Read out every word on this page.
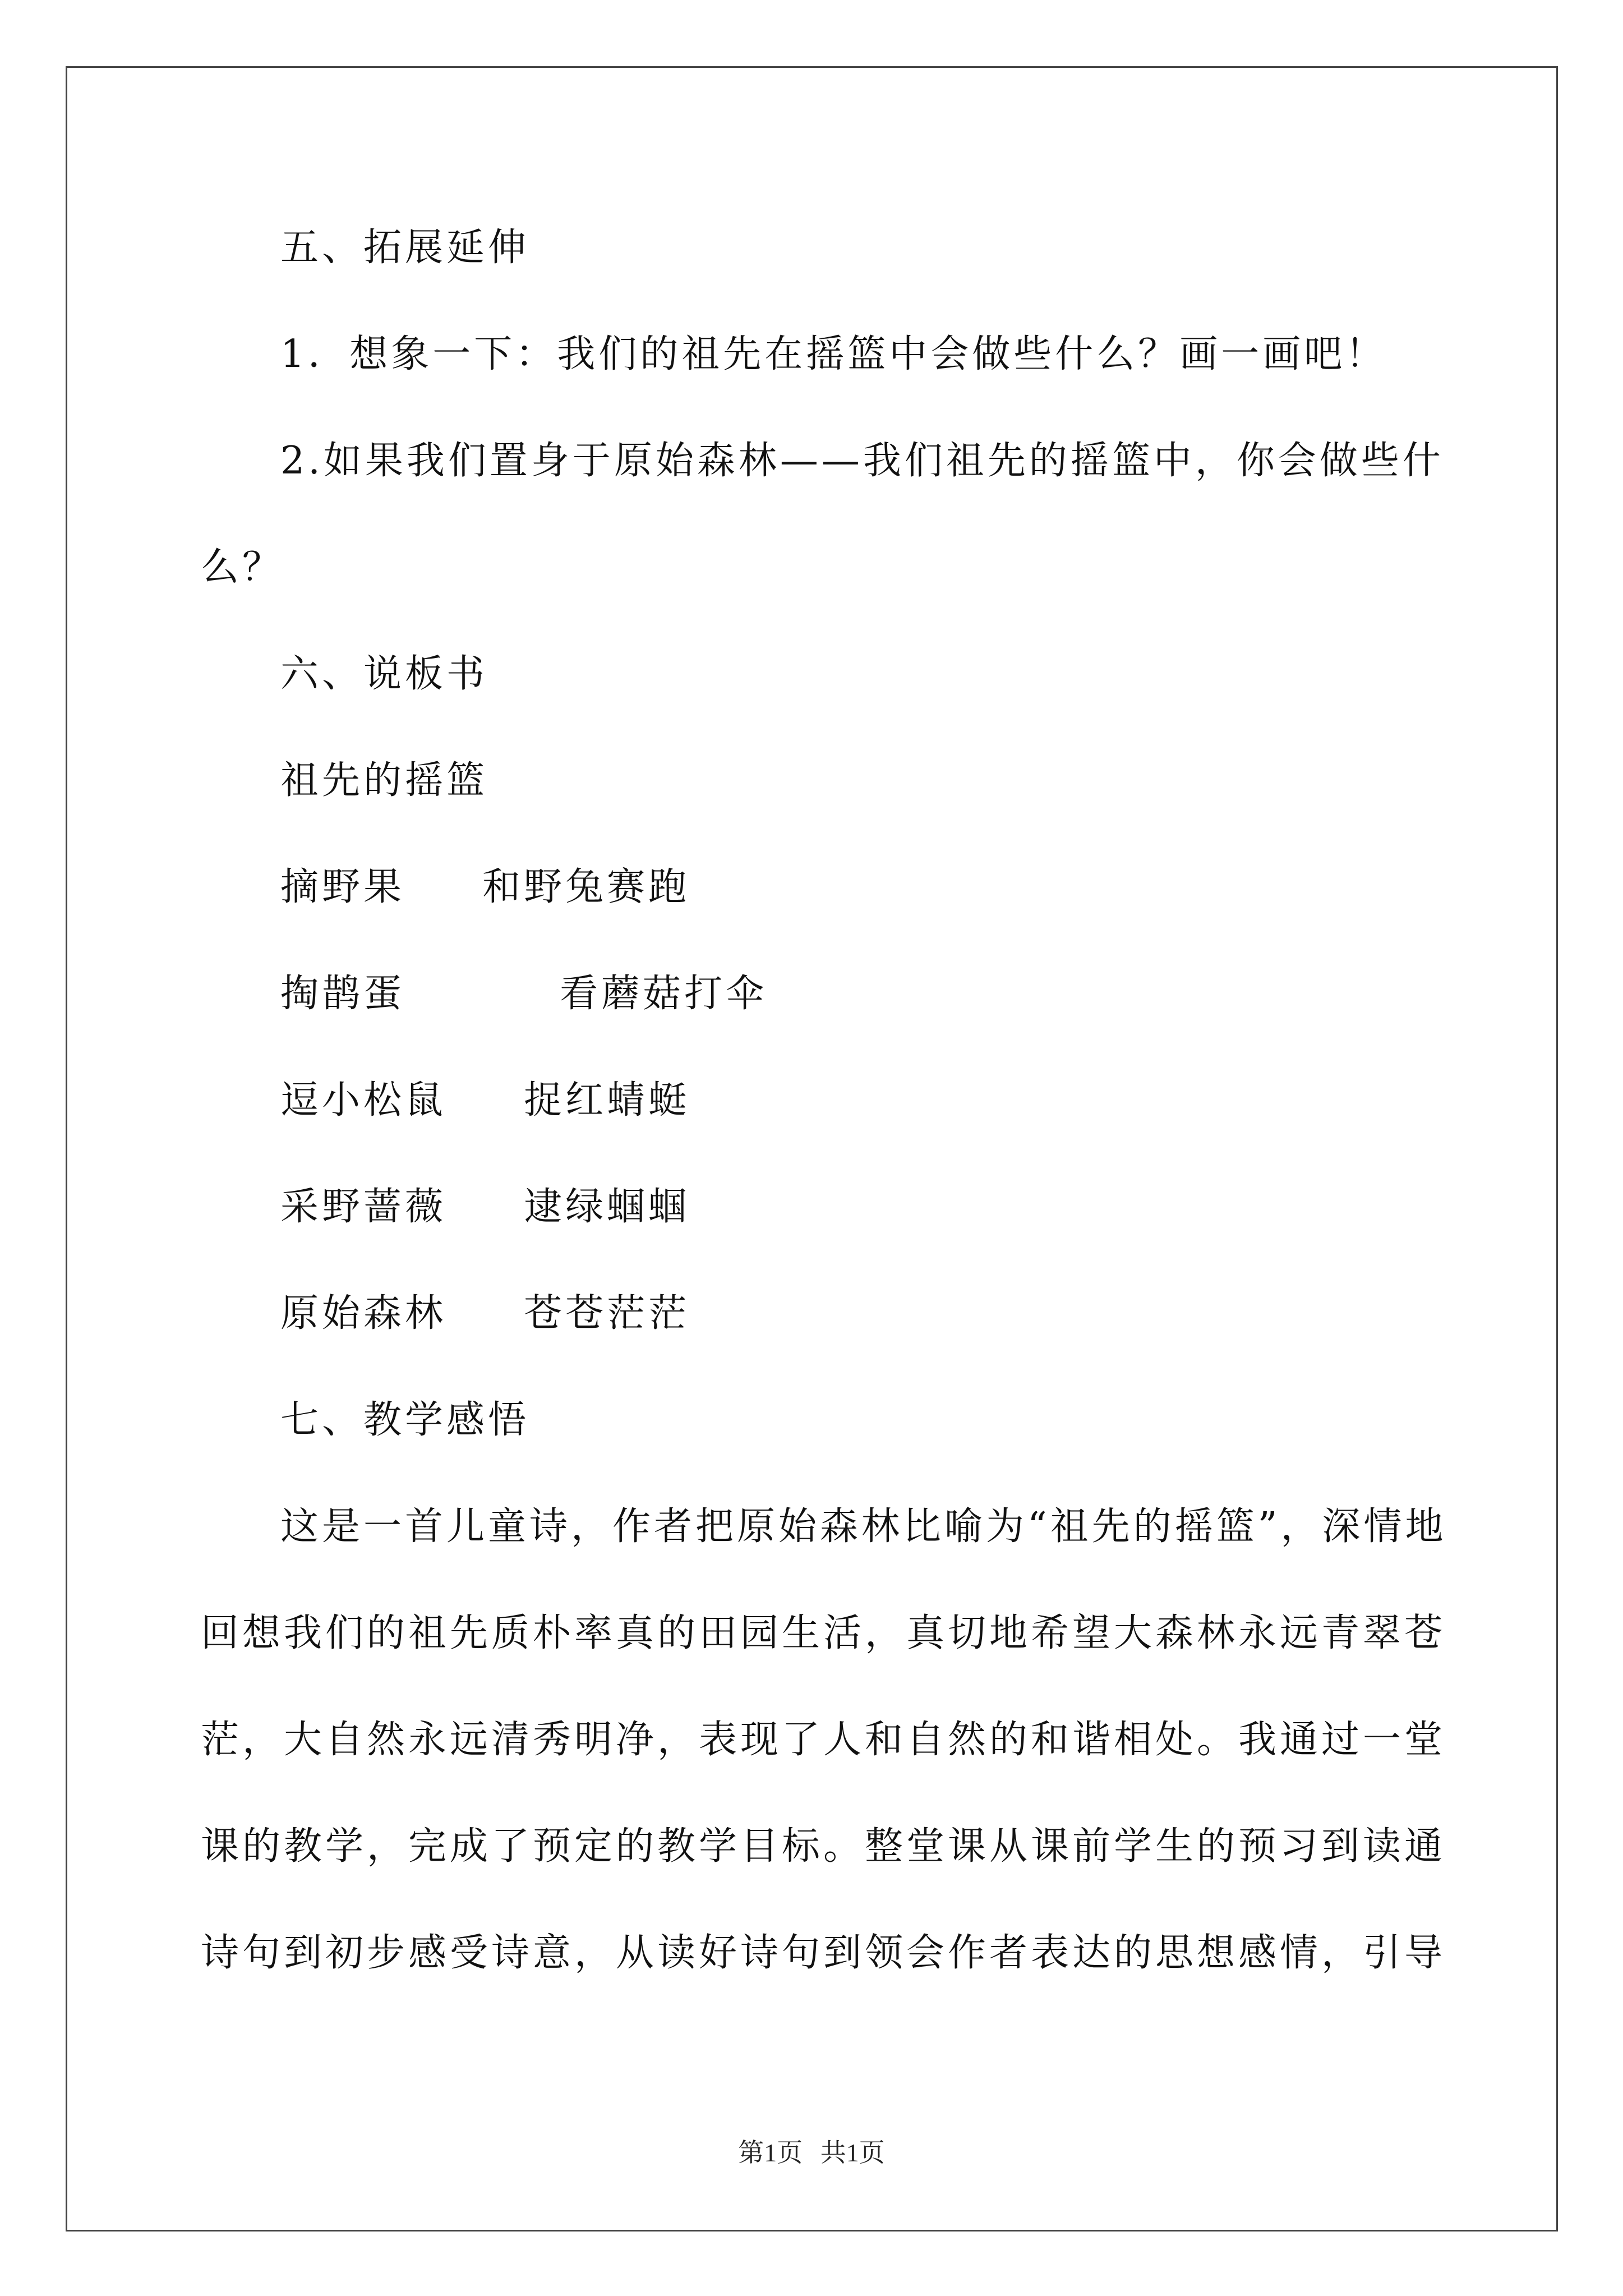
五、拓展延伸

1．想象一下：我们的祖先在摇篮中会做些什么？画一画吧！

2.如果我们置身于原始森林——我们祖先的摇篮中，你会做些什

么？

六、说板书

祖先的摇篮

摘野果     和野兔赛跑

掏鹊蛋          看蘑菇打伞

逗小松鼠     捉红蜻蜓

采野蔷薇     逮绿蝈蝈

原始森林     苍苍茫茫

七、教学感悟

这是一首儿童诗，作者把原始森林比喻为“祖先的摇篮”，深情地

回想我们的祖先质朴率真的田园生活，真切地希望大森林永远青翠苍

茫，大自然永远清秀明净，表现了人和自然的和谐相处。我通过一堂

课的教学，完成了预定的教学目标。整堂课从课前学生的预习到读通

诗句到初步感受诗意，从读好诗句到领会作者表达的思想感情，引导

第1页 共1页
